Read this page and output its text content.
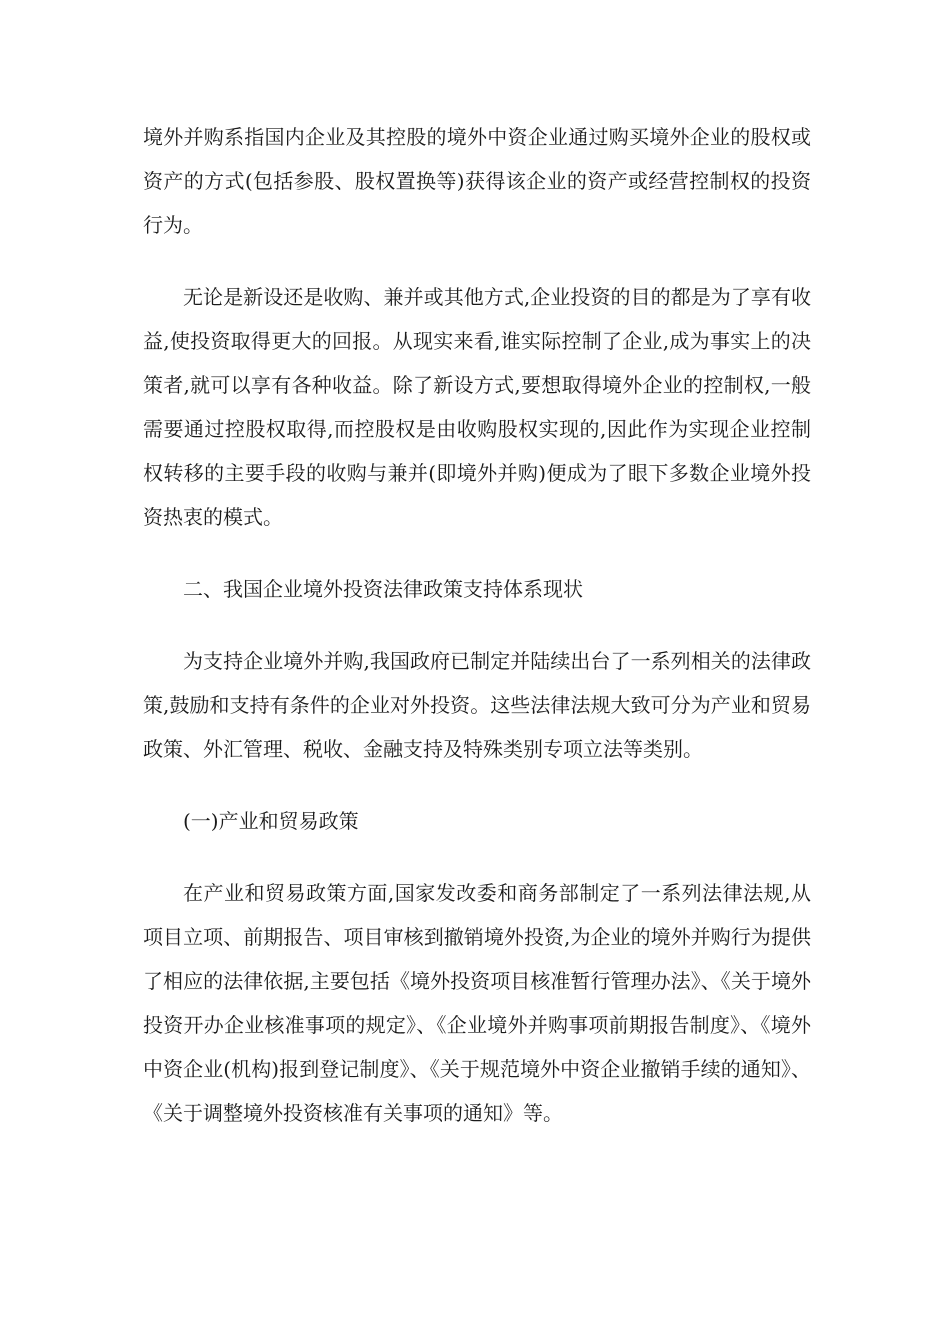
境外并购系指国内企业及其控股的境外中资企业通过购买境外企业的股权或资产的方式(包括参股、股权置换等)获得该企业的资产或经营控制权的投资行为。

无论是新设还是收购、兼并或其他方式,企业投资的目的都是为了享有收益,使投资取得更大的回报。从现实来看,谁实际控制了企业,成为事实上的决策者,就可以享有各种收益。除了新设方式,要想取得境外企业的控制权,一般需要通过控股权取得,而控股权是由收购股权实现的,因此作为实现企业控制权转移的主要手段的收购与兼并(即境外并购)便成为了眼下多数企业境外投资热衷的模式。

二、我国企业境外投资法律政策支持体系现状

为支持企业境外并购,我国政府已制定并陆续出台了一系列相关的法律政策,鼓励和支持有条件的企业对外投资。这些法律法规大致可分为产业和贸易政策、外汇管理、税收、金融支持及特殊类别专项立法等类别。

(一)产业和贸易政策

在产业和贸易政策方面,国家发改委和商务部制定了一系列法律法规,从项目立项、前期报告、项目审核到撤销境外投资,为企业的境外并购行为提供了相应的法律依据,主要包括《境外投资项目核准暂行管理办法》、《关于境外投资开办企业核准事项的规定》、《企业境外并购事项前期报告制度》、《境外中资企业(机构)报到登记制度》、《关于规范境外中资企业撤销手续的通知》、《关于调整境外投资核准有关事项的通知》等。
